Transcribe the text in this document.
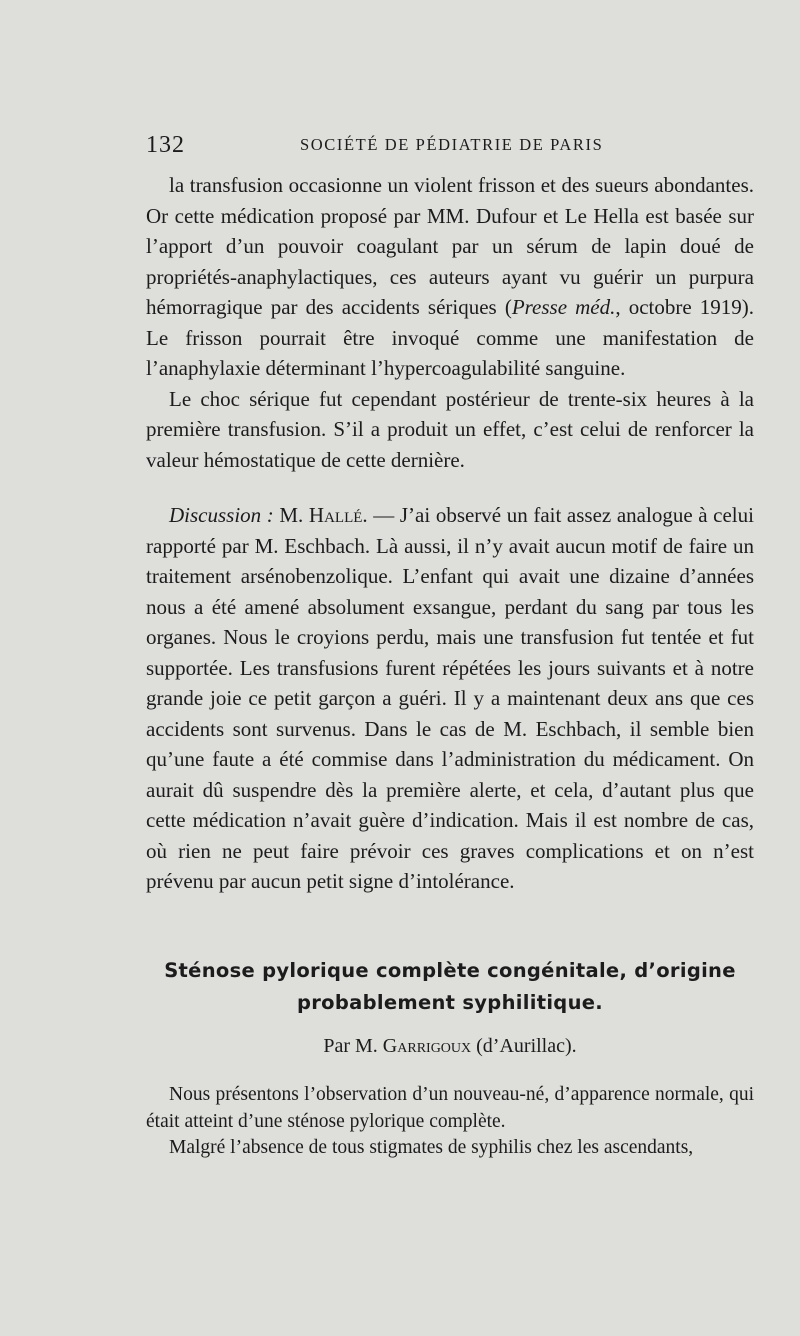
132	SOCIÉTÉ DE PÉDIATRIE DE PARIS

la transfusion occasionne un violent frisson et des sueurs abondantes. Or cette médication proposé par MM. Dufour et Le Hella est basée sur l’apport d’un pouvoir coagulant par un sérum de lapin doué de propriétés-anaphylactiques, ces auteurs ayant vu guérir un purpura hémorragique par des accidents sériques (Presse méd., octobre 1919). Le frisson pourrait être invoqué comme une manifestation de l’anaphylaxie déterminant l’hypercoagulabilité sanguine.

Le choc sérique fut cependant postérieur de trente-six heures à la première transfusion. S’il a produit un effet, c’est celui de renforcer la valeur hémostatique de cette dernière.

Discussion : M. Hallé. — J’ai observé un fait assez analogue à celui rapporté par M. Eschbach. Là aussi, il n’y avait aucun motif de faire un traitement arsénobenzolique. L’enfant qui avait une dizaine d’années nous a été amené absolument exsangue, perdant du sang par tous les organes. Nous le croyions perdu, mais une transfusion fut tentée et fut supportée. Les transfusions furent répétées les jours suivants et à notre grande joie ce petit garçon a guéri. Il y a maintenant deux ans que ces accidents sont survenus. Dans le cas de M. Eschbach, il semble bien qu’une faute a été commise dans l’administration du médicament. On aurait dû suspendre dès la première alerte, et cela, d’autant plus que cette médication n’avait guère d’indication. Mais il est nombre de cas, où rien ne peut faire prévoir ces graves complications et on n’est prévenu par aucun petit signe d’intolérance.

Sténose pylorique complète congénitale, d’origine
probablement syphilitique.
Par M. Garrigoux (d’Aurillac).

Nous présentons l’observation d’un nouveau-né, d’apparence normale, qui était atteint d’une sténose pylorique complète.

Malgré l’absence de tous stigmates de syphilis chez les ascendants,
